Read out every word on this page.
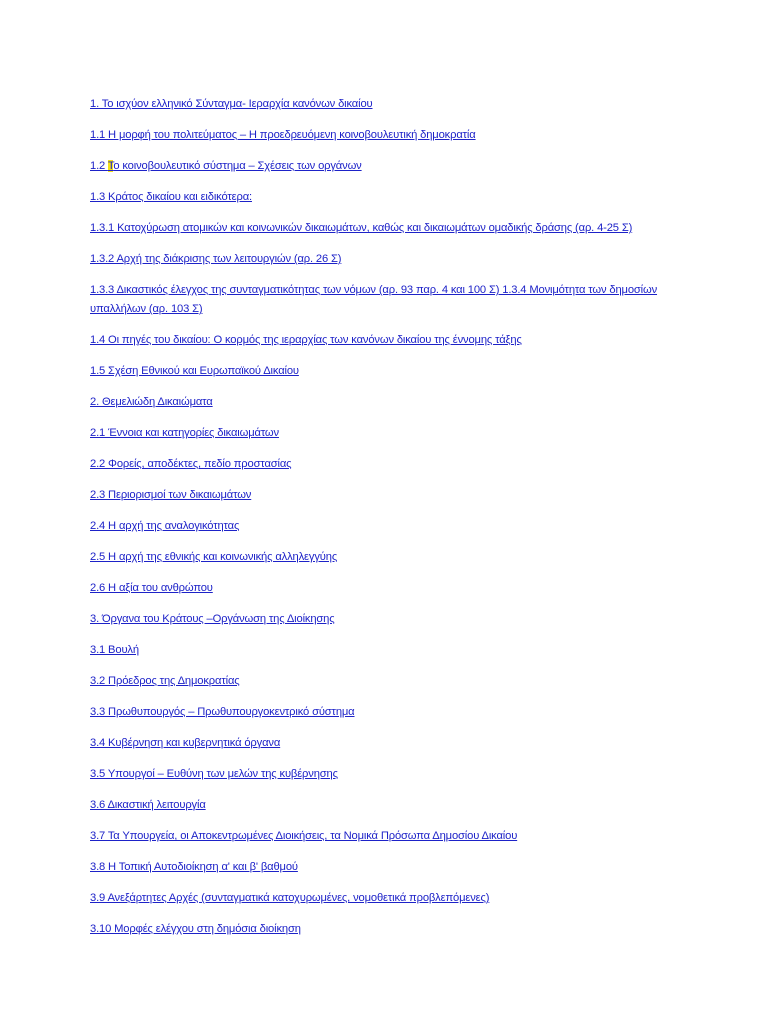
1. Το ισχύον ελληνικό Σύνταγμα- Ιεραρχία κανόνων δικαίου
1.1 Η μορφή του πολιτεύματος – Η προεδρευόμενη κοινοβουλευτική δημοκρατία
1.2 Το κοινοβουλευτικό σύστημα – Σχέσεις των οργάνων
1.3 Κράτος δικαίου και ειδικότερα:
1.3.1 Κατοχύρωση ατομικών και κοινωνικών δικαιωμάτων, καθώς και δικαιωμάτων ομαδικής δράσης (αρ. 4-25 Σ)
1.3.2 Αρχή της διάκρισης των λειτουργιών (αρ. 26 Σ)
1.3.3 Δικαστικός έλεγχος της συνταγματικότητας των νόμων (αρ. 93 παρ. 4 και 100 Σ) 1.3.4 Μονιμότητα των δημοσίων υπαλλήλων (αρ. 103 Σ)
1.4 Οι πηγές του δικαίου: Ο κορμός της ιεραρχίας των κανόνων δικαίου της έννομης τάξης
1.5 Σχέση Εθνικού και Ευρωπαϊκού Δικαίου
2. Θεμελιώδη Δικαιώματα
2.1 Έννοια και κατηγορίες δικαιωμάτων
2.2 Φορείς, αποδέκτες, πεδίο προστασίας
2.3 Περιορισμοί των δικαιωμάτων
2.4 Η αρχή της αναλογικότητας
2.5 Η αρχή της εθνικής και κοινωνικής αλληλεγγύης
2.6 Η αξία του ανθρώπου
3. Όργανα του Κράτους –Οργάνωση της Διοίκησης
3.1 Βουλή
3.2 Πρόεδρος της Δημοκρατίας
3.3 Πρωθυπουργός – Πρωθυπουργοκεντρικό σύστημα
3.4 Κυβέρνηση και κυβερνητικά όργανα
3.5 Υπουργοί – Ευθύνη των μελών της κυβέρνησης
3.6 Δικαστική λειτουργία
3.7 Τα Υπουργεία, οι Αποκεντρωμένες Διοικήσεις, τα Νομικά Πρόσωπα Δημοσίου Δικαίου
3.8 Η Τοπική Αυτοδιοίκηση α' και β' βαθμού
3.9 Ανεξάρτητες Αρχές (συνταγματικά κατοχυρωμένες, νομοθετικά προβλεπόμενες)
3.10 Μορφές ελέγχου στη δημόσια διοίκηση
